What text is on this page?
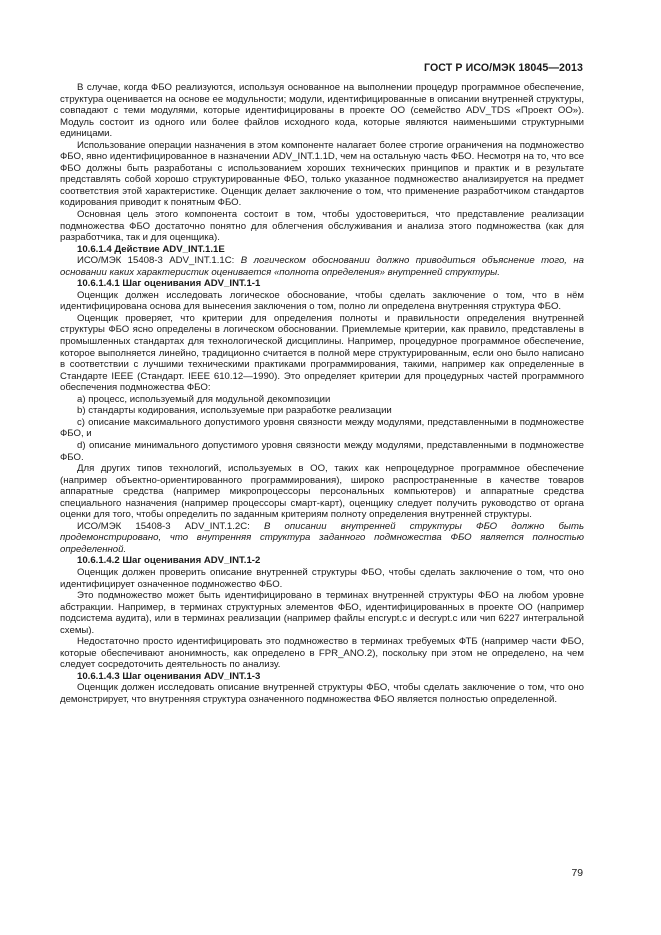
ГОСТ Р ИСО/МЭК 18045—2013

В случае, когда ФБО реализуются, используя основанное на выполнении процедур программное обеспечение, структура оценивается на основе ее модульности; модули, идентифицированные в описании внутренней структуры, совпадают с теми модулями, которые идентифицированы в проекте ОО (семейство ADV_TDS «Проект ОО»). Модуль состоит из одного или более файлов исходного кода, которые являются наименьшими структурными единицами.

Использование операции назначения в этом компоненте налагает более строгие ограничения на подмножество ФБО, явно идентифицированное в назначении ADV_INT.1.1D, чем на остальную часть ФБО. Несмотря на то, что все ФБО должны быть разработаны с использованием хороших технических принципов и практик и в результате представлять собой хорошо структурированные ФБО, только указанное подмножество анализируется на предмет соответствия этой характеристике. Оценщик делает заключение о том, что применение разработчиком стандартов кодирования приводит к понятным ФБО.

Основная цель этого компонента состоит в том, чтобы удостовериться, что представление реализации подмножества ФБО достаточно понятно для облегчения обслуживания и анализа этого подмножества (как для разработчика, так и для оценщика).

10.6.1.4 Действие ADV_INT.1.1E

ИСО/МЭК 15408-3 ADV_INT.1.1C: В логическом обосновании должно приводиться объяснение того, на основании каких характеристик оценивается «полнота определения» внутренней структуры.

10.6.1.4.1 Шаг оценивания ADV_INT.1-1

Оценщик должен исследовать логическое обоснование, чтобы сделать заключение о том, что в нём идентифицирована основа для вынесения заключения о том, полно ли определена внутренняя структура ФБО.

Оценщик проверяет, что критерии для определения полноты и правильности определения внутренней структуры ФБО ясно определены в логическом обосновании. Приемлемые критерии, как правило, представлены в промышленных стандартах для технологической дисциплины. Например, процедурное программное обеспечение, которое выполняется линейно, традиционно считается в полной мере структурированным, если оно было написано в соответствии с лучшими техническими практиками программирования, такими, например как определенные в Стандарте IEEE (Стандарт. IEEE 610.12—1990). Это определяет критерии для процедурных частей программного обеспечения подмножества ФБО:

a) процесс, используемый для модульной декомпозиции

b) стандарты кодирования, используемые при разработке реализации

c) описание максимального допустимого уровня связности между модулями, представленными в подмножестве ФБО, и

d) описание минимального допустимого уровня связности между модулями, представленными в подмножестве ФБО.

Для других типов технологий, используемых в ОО, таких как непроцедурное программное обеспечение (например объектно-ориентированного программирования), широко распространенные в качестве товаров аппаратные средства (например микропроцессоры персональных компьютеров) и аппаратные средства специального назначения (например процессоры смарт-карт), оценщику следует получить руководство от органа оценки для того, чтобы определить по заданным критериям полноту определения внутренней структуры.

ИСО/МЭК 15408-3 ADV_INT.1.2C: В описании внутренней структуры ФБО должно быть продемонстрировано, что внутренняя структура заданного подмножества ФБО является полностью определенной.

10.6.1.4.2 Шаг оценивания ADV_INT.1-2

Оценщик должен проверить описание внутренней структуры ФБО, чтобы сделать заключение о том, что оно идентифицирует означенное подмножество ФБО.

Это подмножество может быть идентифицировано в терминах внутренней структуры ФБО на любом уровне абстракции. Например, в терминах структурных элементов ФБО, идентифицированных в проекте ОО (например подсистема аудита), или в терминах реализации (например файлы encrypt.c и decrypt.c или чип 6227 интегральной схемы).

Недостаточно просто идентифицировать это подмножество в терминах требуемых ФТБ (например части ФБО, которые обеспечивают анонимность, как определено в FPR_ANO.2), поскольку при этом не определено, на чем следует сосредоточить деятельность по анализу.

10.6.1.4.3 Шаг оценивания ADV_INT.1-3

Оценщик должен исследовать описание внутренней структуры ФБО, чтобы сделать заключение о том, что оно демонстрирует, что внутренняя структура означенного подмножества ФБО является полностью определенной.

79
